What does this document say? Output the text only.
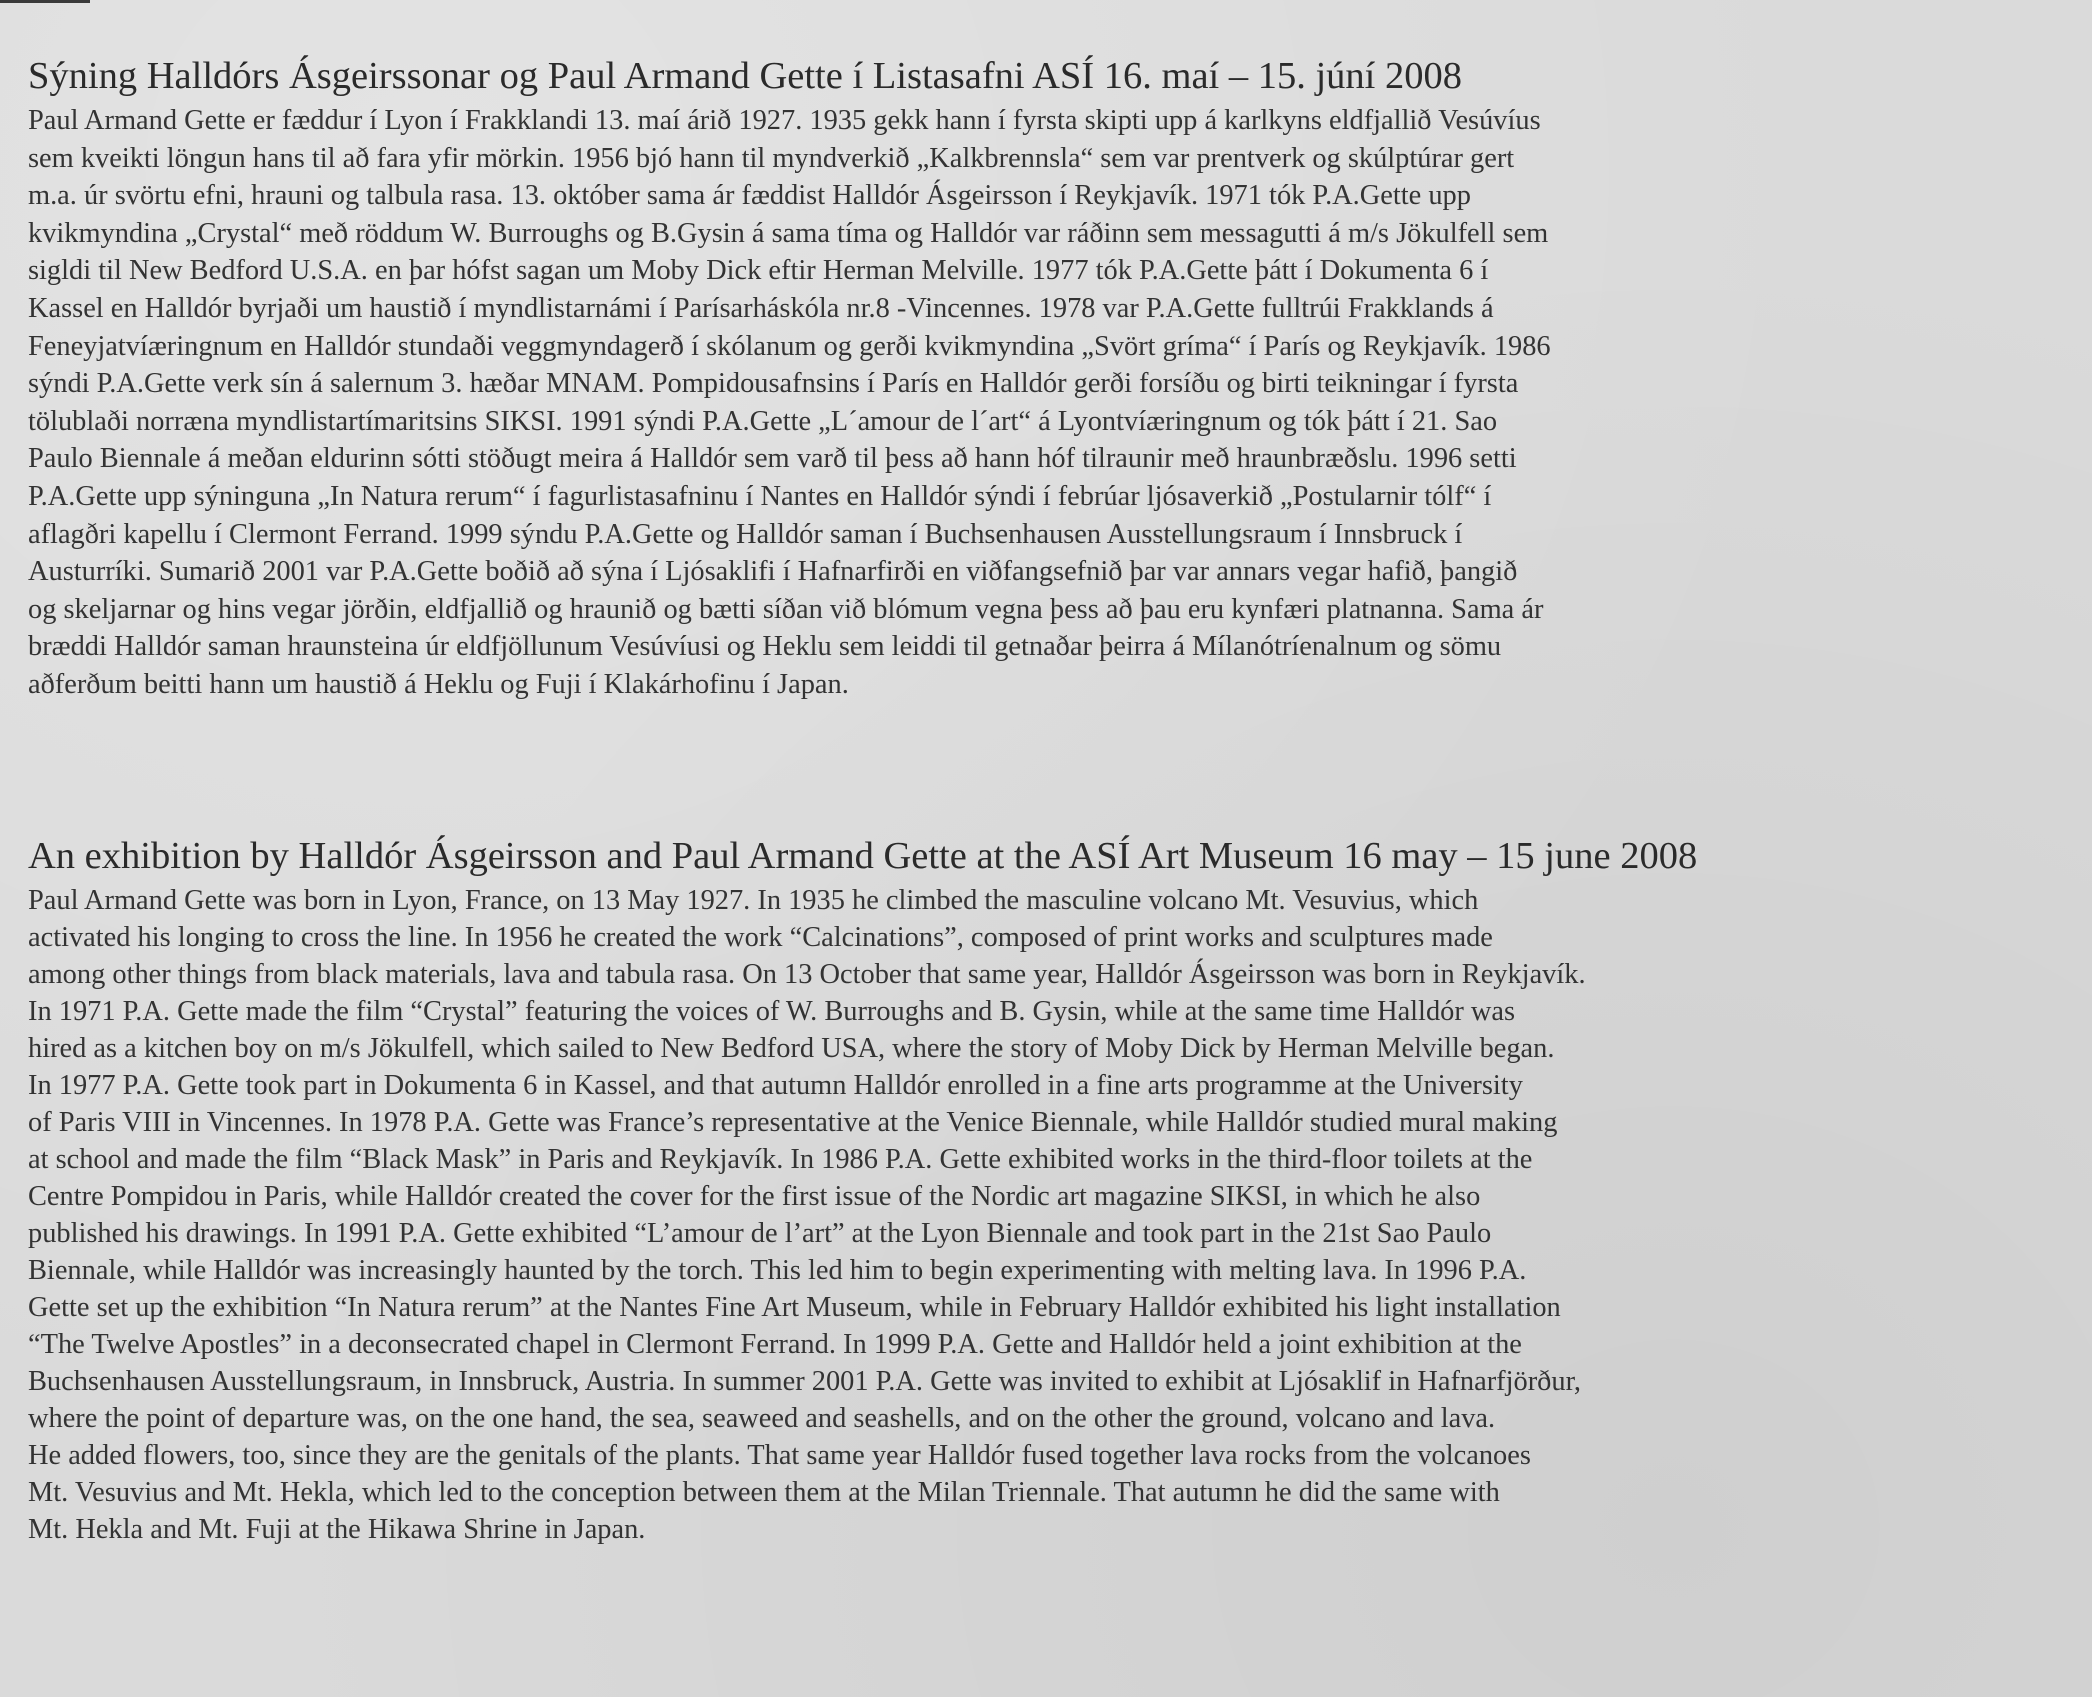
Sýning Halldórs Ásgeirssonar og Paul Armand Gette í Listasafni ASÍ 16. maí – 15. júní 2008
Paul Armand Gette er fæddur í Lyon í Frakklandi 13. maí árið 1927. 1935 gekk hann í fyrsta skipti upp á karlkyns eldfjallið Vesúvíus
sem kveikti löngun hans til að fara yfir mörkin. 1956 bjó hann til myndverkið „Kalkbrennsla“ sem var prentverk og skúlptúrar gert
m.a. úr svörtu efni, hrauni og talbula rasa. 13. október sama ár fæddist Halldór Ásgeirsson í Reykjavík. 1971 tók P.A.Gette upp
kvikmyndina „Crystal“ með röddum W. Burroughs og B.Gysin á sama tíma og Halldór var ráðinn sem messagutti á m/s Jökulfell sem
sigldi til New Bedford U.S.A. en þar hófst sagan um Moby Dick eftir Herman Melville. 1977 tók P.A.Gette þátt í Dokumenta 6 í
Kassel en Halldór byrjaði um haustið í myndlistarnámi í Parísarháskóla nr.8 -Vincennes. 1978 var P.A.Gette fulltrúi Frakklands á
Feneyjatvíæringnum en Halldór stundaði veggmyndagerð í skólanum og gerði kvikmyndina „Svört gríma“ í París og Reykjavík. 1986
sýndi P.A.Gette verk sín á salernum 3. hæðar MNAM. Pompidousafnsins í París en Halldór gerði forsíðu og birti teikningar í fyrsta
tölublaði norræna myndlistartímaritsins SIKSI. 1991 sýndi P.A.Gette „L´amour de l´art“ á Lyontvíæringnum og tók þátt í 21. Sao
Paulo Biennale á meðan eldurinn sótti stöðugt meira á Halldór sem varð til þess að hann hóf tilraunir með hraunbræðslu. 1996 setti
P.A.Gette upp sýninguna „In Natura rerum“ í fagurlistasafninu í Nantes en Halldór sýndi í febrúar ljósaverkið „Postularnir tólf“ í
aflagðri kapellu í Clermont Ferrand. 1999 sýndu P.A.Gette og Halldór saman í Buchsenhausen Ausstellungsraum í Innsbruck í
Austurríki. Sumarið 2001 var P.A.Gette boðið að sýna í Ljósaklifi í Hafnarfirði en viðfangsefnið þar var annars vegar hafið, þangið
og skeljarnar og hins vegar jörðin, eldfjallið og hraunið og bætti síðan við blómum vegna þess að þau eru kynfæri platnanna. Sama ár
bræddi Halldór saman hraunsteina úr eldfjöllunum Vesúvíusi og Heklu sem leiddi til getnaðar þeirra á Mílanótríenalnum og sömu
aðferðum beitti hann um haustið á Heklu og Fuji í Klakárhofinu í Japan.
An exhibition by Halldór Ásgeirsson and Paul Armand Gette at the ASÍ Art Museum 16 may – 15 june 2008
Paul Armand Gette was born in Lyon, France, on 13 May 1927. In 1935 he climbed the masculine volcano Mt. Vesuvius, which
activated his longing to cross the line. In 1956 he created the work “Calcinations”, composed of print works and sculptures made
among other things from black materials, lava and tabula rasa. On 13 October that same year, Halldór Ásgeirsson was born in Reykjavík.
In 1971 P.A. Gette made the film “Crystal” featuring the voices of W. Burroughs and B. Gysin, while at the same time Halldór was
hired as a kitchen boy on m/s Jökulfell, which sailed to New Bedford USA, where the story of Moby Dick by Herman Melville began.
In 1977 P.A. Gette took part in Dokumenta 6 in Kassel, and that autumn Halldór enrolled in a fine arts programme at the University
of Paris VIII in Vincennes. In 1978 P.A. Gette was France’s representative at the Venice Biennale, while Halldór studied mural making
at school and made the film “Black Mask” in Paris and Reykjavík. In 1986 P.A. Gette exhibited works in the third-floor toilets at the
Centre Pompidou in Paris, while Halldór created the cover for the first issue of the Nordic art magazine SIKSI, in which he also
published his drawings. In 1991 P.A. Gette exhibited “L’amour de l’art” at the Lyon Biennale and took part in the 21st Sao Paulo
Biennale, while Halldór was increasingly haunted by the torch. This led him to begin experimenting with melting lava. In 1996 P.A.
Gette set up the exhibition “In Natura rerum” at the Nantes Fine Art Museum, while in February Halldór exhibited his light installation
“The Twelve Apostles” in a deconsecrated chapel in Clermont Ferrand. In 1999 P.A. Gette and Halldór held a joint exhibition at the
Buchsenhausen Ausstellungsraum, in Innsbruck, Austria. In summer 2001 P.A. Gette was invited to exhibit at Ljósaklif in Hafnarfjörður,
where the point of departure was, on the one hand, the sea, seaweed and seashells, and on the other the ground, volcano and lava.
He added flowers, too, since they are the genitals of the plants. That same year Halldór fused together lava rocks from the volcanoes
Mt. Vesuvius and Mt. Hekla, which led to the conception between them at the Milan Triennale. That autumn he did the same with
Mt. Hekla and Mt. Fuji at the Hikawa Shrine in Japan.
